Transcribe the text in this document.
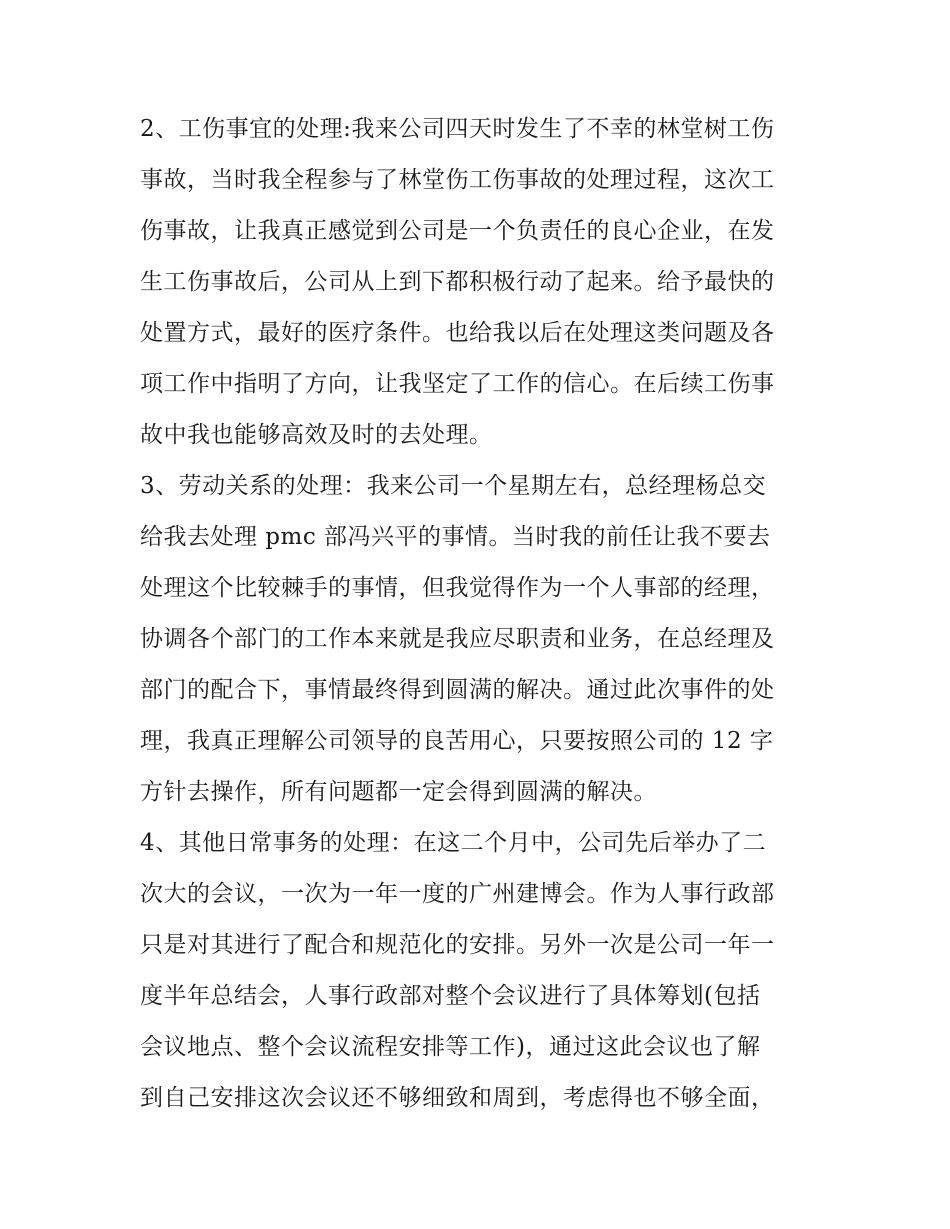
2、工伤事宜的处理:我来公司四天时发生了不幸的林堂树工伤
事故，当时我全程参与了林堂伤工伤事故的处理过程，这次工
伤事故，让我真正感觉到公司是一个负责任的良心企业，在发
生工伤事故后，公司从上到下都积极行动了起来。给予最快的
处置方式，最好的医疗条件。也给我以后在处理这类问题及各
项工作中指明了方向，让我坚定了工作的信心。在后续工伤事
故中我也能够高效及时的去处理。
3、劳动关系的处理：我来公司一个星期左右，总经理杨总交
给我去处理 pmc 部冯兴平的事情。当时我的前任让我不要去
处理这个比较棘手的事情，但我觉得作为一个人事部的经理，
协调各个部门的工作本来就是我应尽职责和业务，在总经理及
部门的配合下，事情最终得到圆满的解决。通过此次事件的处
理，我真正理解公司领导的良苦用心，只要按照公司的 12 字
方针去操作，所有问题都一定会得到圆满的解决。
4、其他日常事务的处理：在这二个月中，公司先后举办了二
次大的会议，一次为一年一度的广州建博会。作为人事行政部
只是对其进行了配合和规范化的安排。另外一次是公司一年一
度半年总结会，人事行政部对整个会议进行了具体筹划(包括
会议地点、整个会议流程安排等工作)，通过这此会议也了解
到自己安排这次会议还不够细致和周到，考虑得也不够全面，
